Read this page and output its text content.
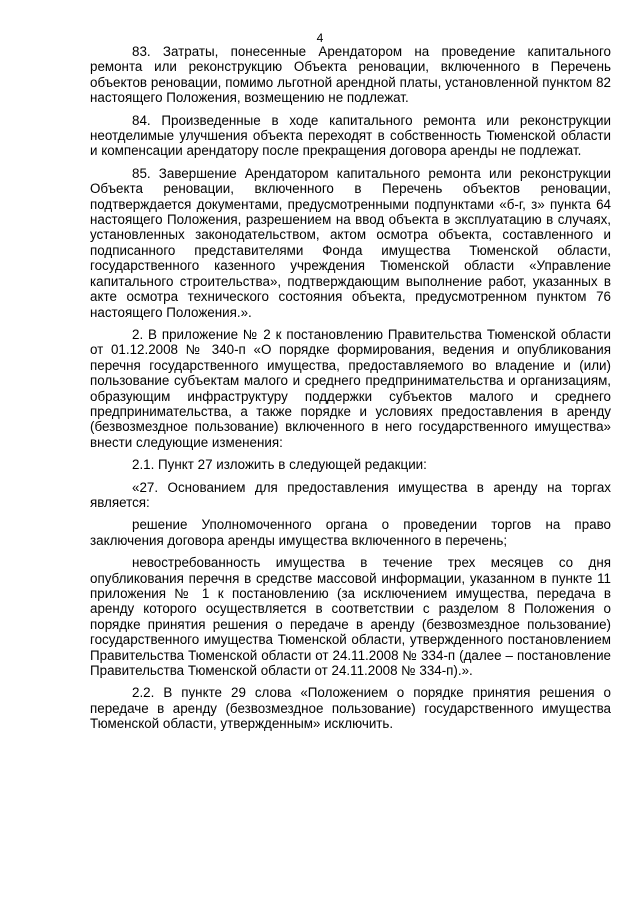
4

83. Затраты, понесенные Арендатором на проведение капитального ремонта или реконструкцию Объекта реновации, включенного в Перечень объектов реновации, помимо льготной арендной платы, установленной пунктом 82 настоящего Положения, возмещению не подлежат.

84. Произведенные в ходе капитального ремонта или реконструкции неотделимые улучшения объекта переходят в собственность Тюменской области и компенсации арендатору после прекращения договора аренды не подлежат.

85. Завершение Арендатором капитального ремонта или реконструкции Объекта реновации, включенного в Перечень объектов реновации, подтверждается документами, предусмотренными подпунктами «б-г, з» пункта 64 настоящего Положения, разрешением на ввод объекта в эксплуатацию в случаях, установленных законодательством, актом осмотра объекта, составленного и подписанного представителями Фонда имущества Тюменской области, государственного казенного учреждения Тюменской области «Управление капитального строительства», подтверждающим выполнение работ, указанных в акте осмотра технического состояния объекта, предусмотренном пунктом 76 настоящего Положения.».

2. В приложение № 2 к постановлению Правительства Тюменской области от 01.12.2008 № 340-п «О порядке формирования, ведения и опубликования перечня государственного имущества, предоставляемого во владение и (или) пользование субъектам малого и среднего предпринимательства и организациям, образующим инфраструктуру поддержки субъектов малого и среднего предпринимательства, а также порядке и условиях предоставления в аренду (безвозмездное пользование) включенного в него государственного имущества» внести следующие изменения:

2.1. Пункт 27 изложить в следующей редакции:

«27. Основанием для предоставления имущества в аренду на торгах является:

решение Уполномоченного органа о проведении торгов на право заключения договора аренды имущества включенного в перечень;

невостребованность имущества в течение трех месяцев со дня опубликования перечня в средстве массовой информации, указанном в пункте 11 приложения № 1 к постановлению (за исключением имущества, передача в аренду которого осуществляется в соответствии с разделом 8 Положения о порядке принятия решения о передаче в аренду (безвозмездное пользование) государственного имущества Тюменской области, утвержденного постановлением Правительства Тюменской области от 24.11.2008 № 334-п (далее – постановление Правительства Тюменской области от 24.11.2008 № 334-п).».

2.2. В пункте 29 слова «Положением о порядке принятия решения о передаче в аренду (безвозмездное пользование) государственного имущества Тюменской области, утвержденным» исключить.
